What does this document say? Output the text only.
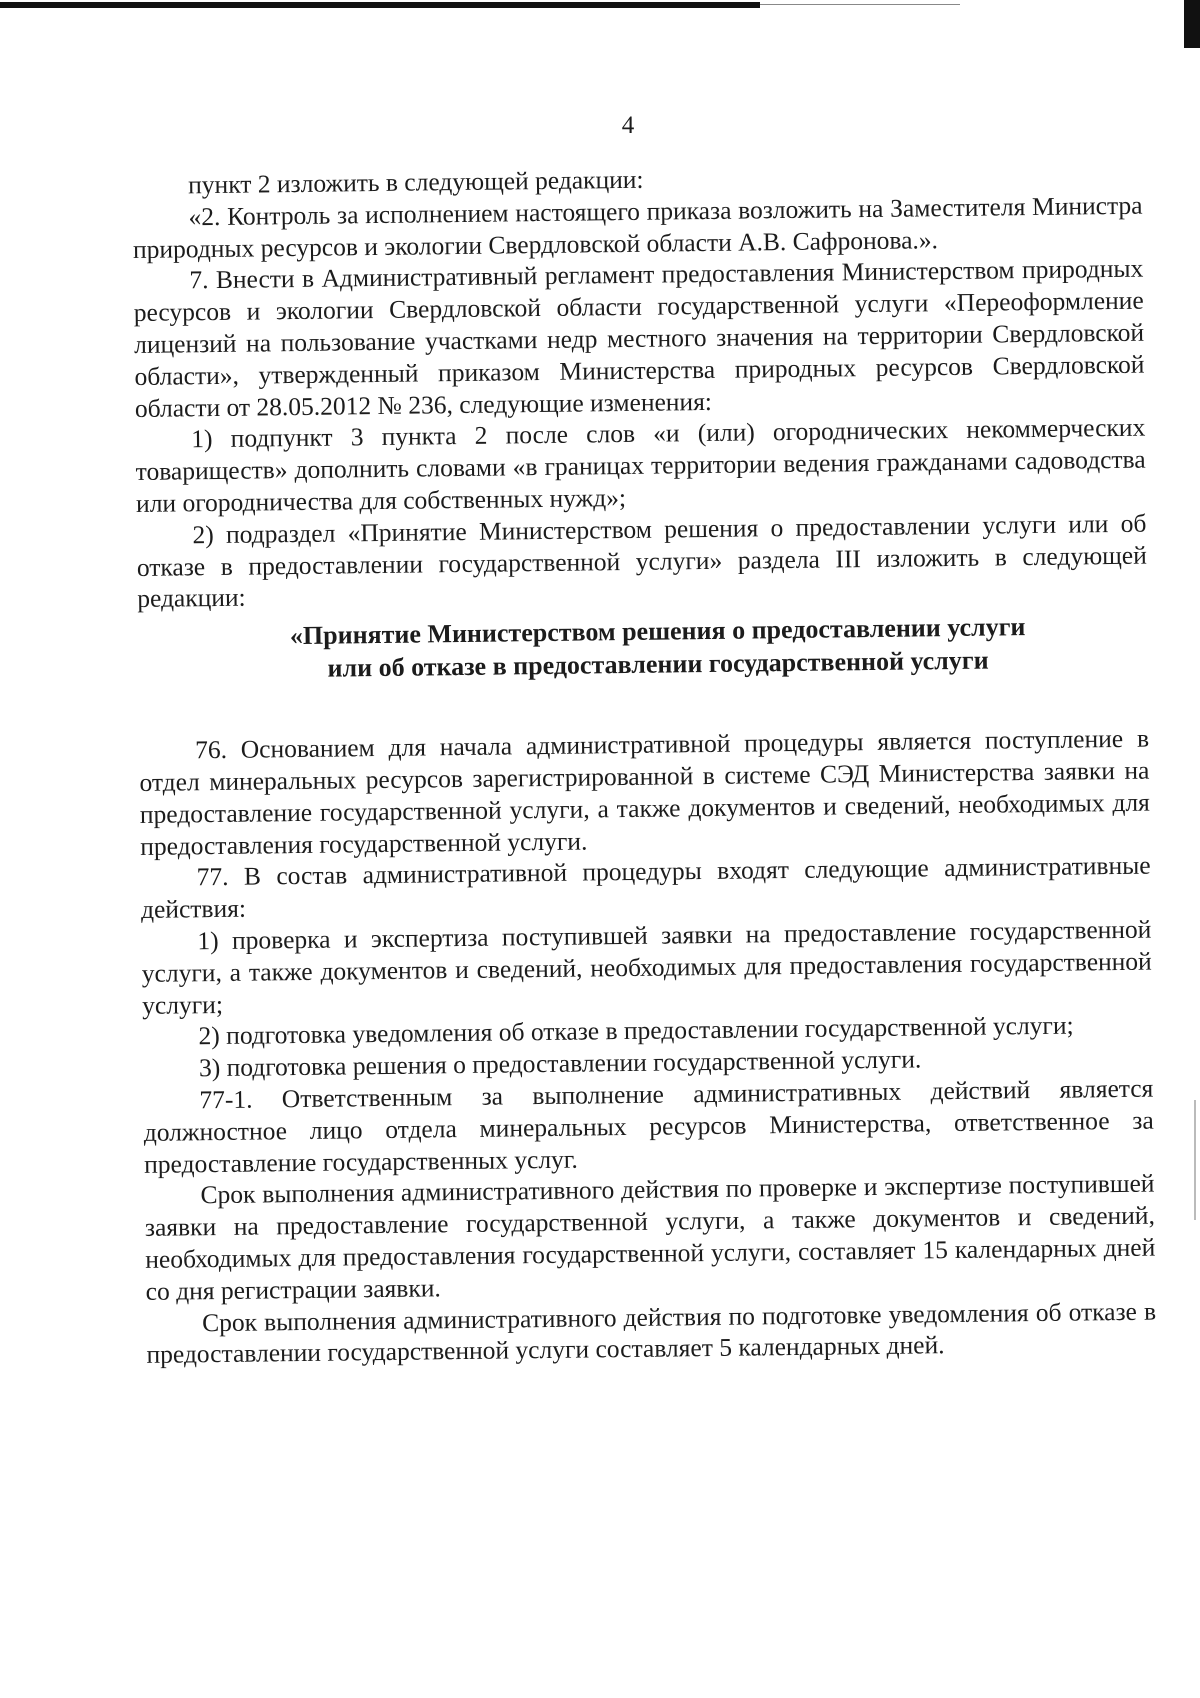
4

пункт 2 изложить в следующей редакции:

«2. Контроль за исполнением настоящего приказа возложить на Заместителя Министра природных ресурсов и экологии Свердловской области А.В. Сафронова.».

7. Внести в Административный регламент предоставления Министерством природных ресурсов и экологии Свердловской области государственной услуги «Переоформление лицензий на пользование участками недр местного значения на территории Свердловской области», утвержденный приказом Министерства природных ресурсов Свердловской области от 28.05.2012 № 236, следующие изменения:

1) подпункт 3 пункта 2 после слов «и (или) огороднических некоммерческих товариществ» дополнить словами «в границах территории ведения гражданами садоводства или огородничества для собственных нужд»;

2) подраздел «Принятие Министерством решения о предоставлении услуги или об отказе в предоставлении государственной услуги» раздела III изложить в следующей редакции:

«Принятие Министерством решения о предоставлении услуги
или об отказе в предоставлении государственной услуги

76. Основанием для начала административной процедуры является поступление в отдел минеральных ресурсов зарегистрированной в системе СЭД Министерства заявки на предоставление государственной услуги, а также документов и сведений, необходимых для предоставления государственной услуги.

77. В состав административной процедуры входят следующие административные действия:

1) проверка и экспертиза поступившей заявки на предоставление государственной услуги, а также документов и сведений, необходимых для предоставления государственной услуги;

2) подготовка уведомления об отказе в предоставлении государственной услуги;

3) подготовка решения о предоставлении государственной услуги.

77-1. Ответственным за выполнение административных действий является должностное лицо отдела минеральных ресурсов Министерства, ответственное за предоставление государственных услуг.

Срок выполнения административного действия по проверке и экспертизе поступившей заявки на предоставление государственной услуги, а также документов и сведений, необходимых для предоставления государственной услуги, составляет 15 календарных дней со дня регистрации заявки.

Срок выполнения административного действия по подготовке уведомления об отказе в предоставлении государственной услуги составляет 5 календарных дней.
